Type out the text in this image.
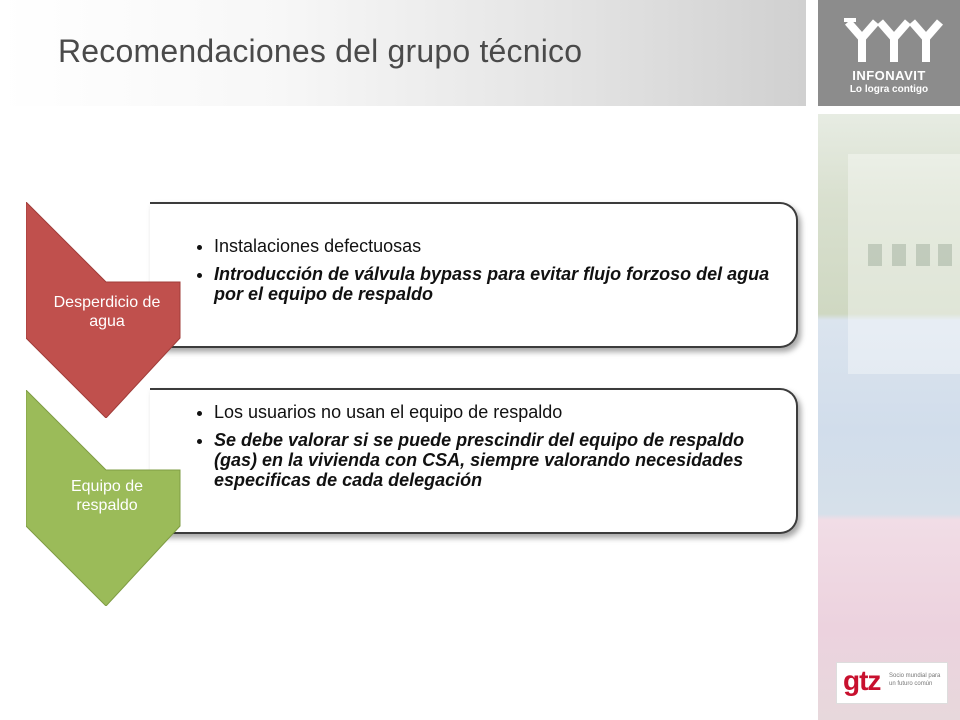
Recomendaciones del grupo técnico
INFONAVIT
Lo logra contigo
gtz Socio mundial para un futuro común
• Instalaciones defectuosas
• Introducción de válvula bypass para evitar flujo forzoso del agua por el equipo de respaldo
Desperdicio de agua
• Los usuarios no usan el equipo de respaldo
• Se debe valorar si se puede prescindir del equipo de respaldo (gas) en la vivienda con CSA, siempre valorando necesidades especificas de cada delegación
Equipo de respaldo
